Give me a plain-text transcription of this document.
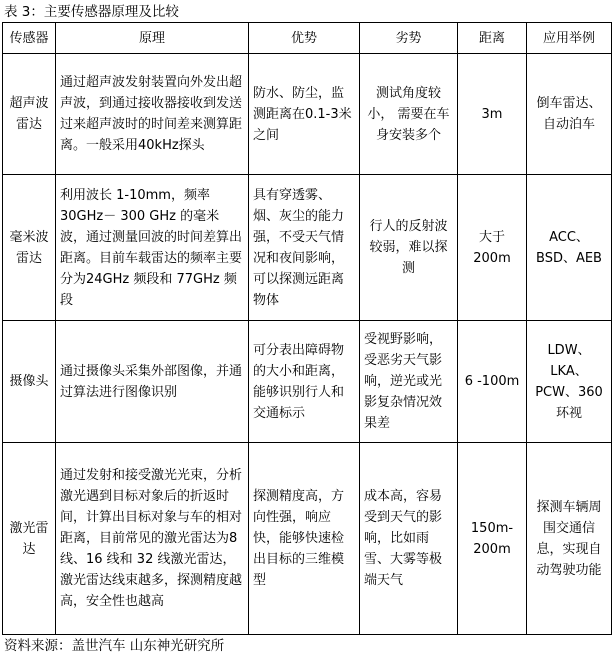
表 3：主要传感器原理及比较
传感器	原理	优势	劣势	距离	应用举例
超声波雷达	通过超声波发射装置向外发出超声波，到通过接收器接收到发送过来超声波时的时间差来测算距离。一般采用40kHz探头	防水、防尘，监测距离在0.1-3米之间	测试角度较小， 需要在车身安装多个	3m	倒车雷达、自动泊车
毫米波雷达	利用波长 1-10mm，频率 30GHz－ 300 GHz 的毫米波，通过测量回波的时间差算出距离。目前车载雷达的频率主要分为24GHz 频段和 77GHz 频段	具有穿透雾、烟、灰尘的能力强，不受天气情况和夜间影响，可以探测远距离物体	行人的反射波较弱，难以探测	大于200m	ACC、BSD、AEB
摄像头	通过摄像头采集外部图像，并通过算法进行图像识别	可分表出障碍物的大小和距离，能够识别行人和交通标示	受视野影响，受恶劣天气影响，逆光或光影复杂情况效果差	6 -100m	LDW、LKA、PCW、360 环视
激光雷达	通过发射和接受激光光束，分析激光遇到目标对象后的折返时间，计算出目标对象与车的相对距离，目前常见的激光雷达为8 线、16 线和 32 线激光雷达，激光雷达线束越多，探测精度越高，安全性也越高	探测精度高，方向性强，响应快，能够快速检出目标的三维模型	成本高，容易受到天气的影响，比如雨雪、大雾等极端天气	150m-200m	探测车辆周围交通信息，实现自动驾驶功能
资料来源：盖世汽车 山东神光研究所
